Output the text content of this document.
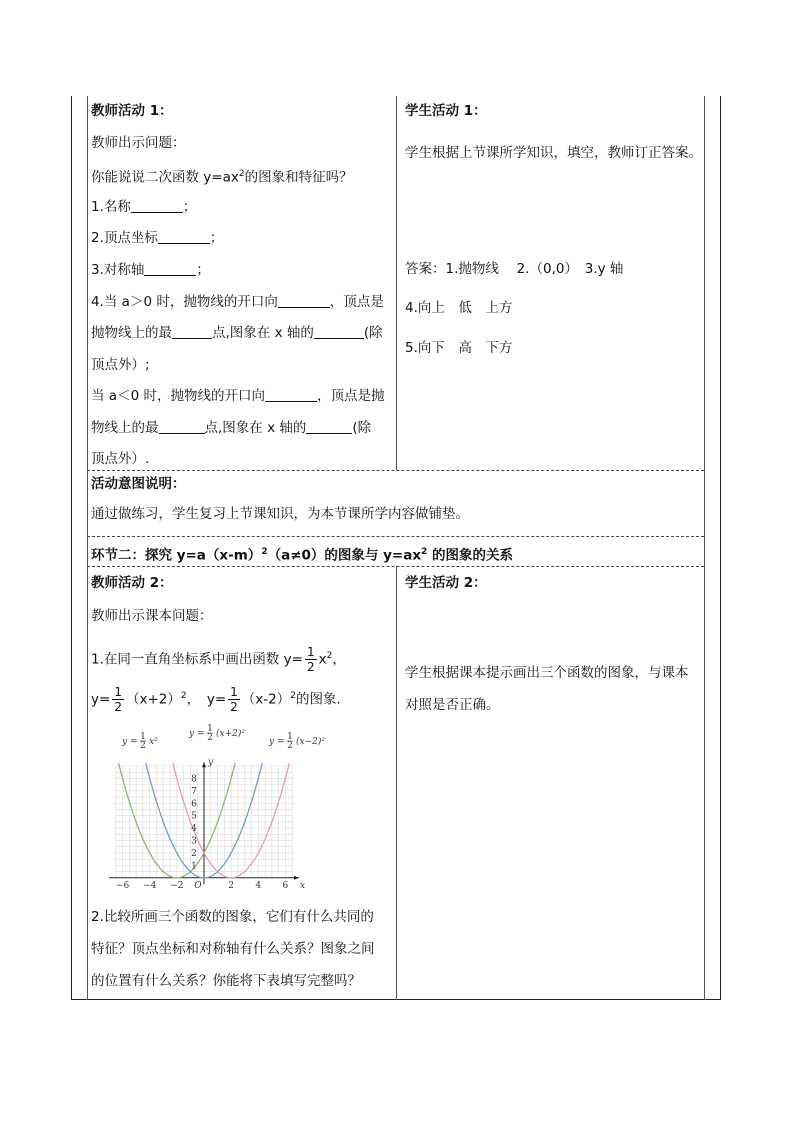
教师活动 1：
教师出示问题：
你能说说二次函数 $y=ax^2$的图象和特征吗？
1.名称	；
2.顶点坐标	；
3.对称轴	；
4.当 a＞0 时，抛物线的开口向	，顶点是
抛物线上的最	点,图象在 x 轴的	(除
顶点外）;
当 a＜0 时，抛物线的开口向	，顶点是抛
物线上的最	点,图象在 x 轴的	(除
顶点外）.
学生活动 1：
学生根据上节课所学知识，填空，教师订正答案。
答案：1.抛物线　 2.（0,0）　3.y 轴
4.向上　低　上方
5.向下　高　下方
活动意图说明：
通过做练习，学生复习上节课知识，为本节课所学内容做铺垫。
环节二：探究 $y=a(x-m)^2(a\ne 0)$的图象与 $y=ax^2$ 的图象的关系
教师活动 2：
教师出示课本问题：
1.在同一直角坐标系中画出函数 $y= \frac{1}{2} x^2$，
$y= \frac{1}{2} (x+2)^2$，　$y= \frac{1}{2} (x-2)^2$的图象.
−6 −4 −2 O	2 4 6
1
2
3
4
5
6
7
8
x
y
y = 1
2 (x+2)²
y = 1
2 x²	y = 1
2 (x−2)²
2.比较所画三个函数的图象，它们有什么共同的
特征？顶点坐标和对称轴有什么关系？图象之间
的位置有什么关系？你能将下表填写完整吗？
学生活动 2：
学生根据课本提示画出三个函数的图象，与课本
对照是否正确。
